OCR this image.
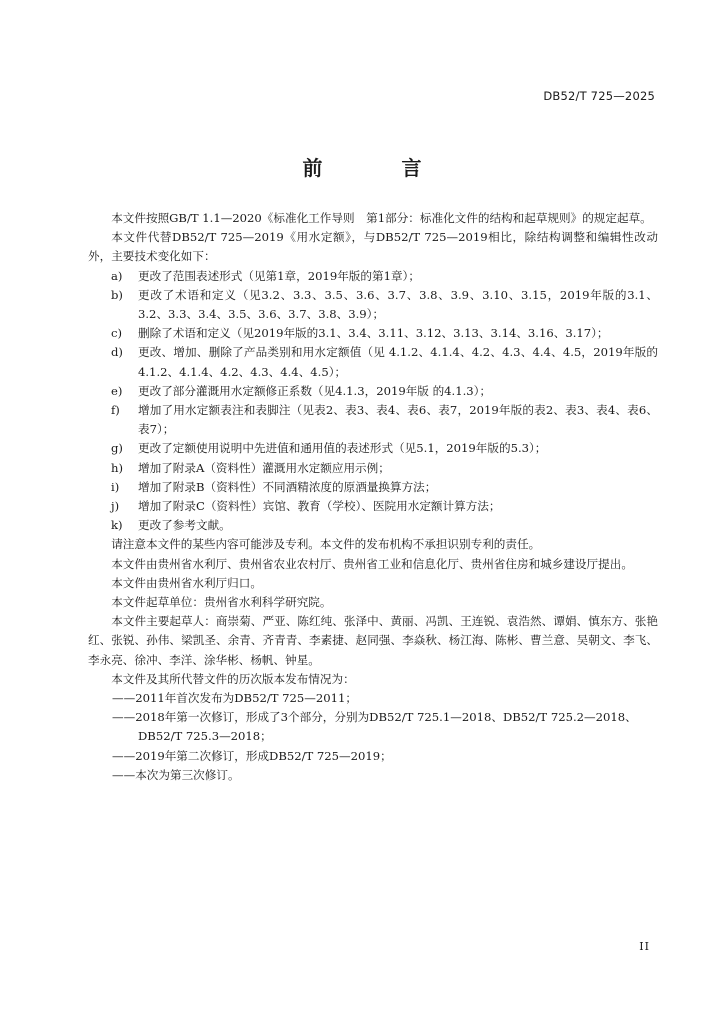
DB52/T 725—2025
前 言

本文件按照GB/T 1.1—2020《标准化工作导则　第1部分：标准化文件的结构和起草规则》的规定起草。

本文件代替DB52/T 725—2019《用水定额》，与DB52/T 725—2019相比，除结构调整和编辑性改动外，主要技术变化如下：

a) 更改了范围表述形式（见第1章，2019年版的第1章）；

b) 更改了术语和定义（见3.2、3.3、3.5、3.6、3.7、3.8、3.9、3.10、3.15，2019年版的3.1、3.2、3.3、3.4、3.5、3.6、3.7、3.8、3.9）；

c) 删除了术语和定义（见2019年版的3.1、3.4、3.11、3.12、3.13、3.14、3.16、3.17）；

d) 更改、增加、删除了产品类别和用水定额值（见 4.1.2、4.1.4、4.2、4.3、4.4、4.5，2019年版的4.1.2、4.1.4、4.2、4.3、4.4、4.5）；

e) 更改了部分灌溉用水定额修正系数（见4.1.3，2019年版 的4.1.3）；

f) 增加了用水定额表注和表脚注（见表2、表3、表4、表6、表7，2019年版的表2、表3、表4、表6、表7）；

g) 更改了定额使用说明中先进值和通用值的表述形式（见5.1，2019年版的5.3）；

h) 增加了附录A（资料性）灌溉用水定额应用示例；

i) 增加了附录B（资料性）不同酒精浓度的原酒量换算方法；

j) 增加了附录C（资料性）宾馆、教育（学校）、医院用水定额计算方法；

k) 更改了参考文献。

请注意本文件的某些内容可能涉及专利。本文件的发布机构不承担识别专利的责任。

本文件由贵州省水利厅、贵州省农业农村厅、贵州省工业和信息化厅、贵州省住房和城乡建设厅提出。

本文件由贵州省水利厅归口。

本文件起草单位：贵州省水利科学研究院。

本文件主要起草人：商崇菊、严亚、陈红纯、张泽中、黄丽、冯凯、王连锐、袁浩然、谭娟、慎东方、张艳红、张锐、孙伟、梁凯圣、余青、齐青青、李素捷、赵同强、李焱秋、杨江海、陈彬、曹兰意、吴朝文、李飞、李永亮、徐冲、李洋、涂华彬、杨帆、钟星。

本文件及其所代替文件的历次版本发布情况为：

——2011年首次发布为DB52/T 725—2011；

——2018年第一次修订，形成了3个部分，分别为DB52/T 725.1—2018、DB52/T 725.2—2018、
DB52/T 725.3—2018；

——2019年第二次修订，形成DB52/T 725—2019；

——本次为第三次修订。

II
